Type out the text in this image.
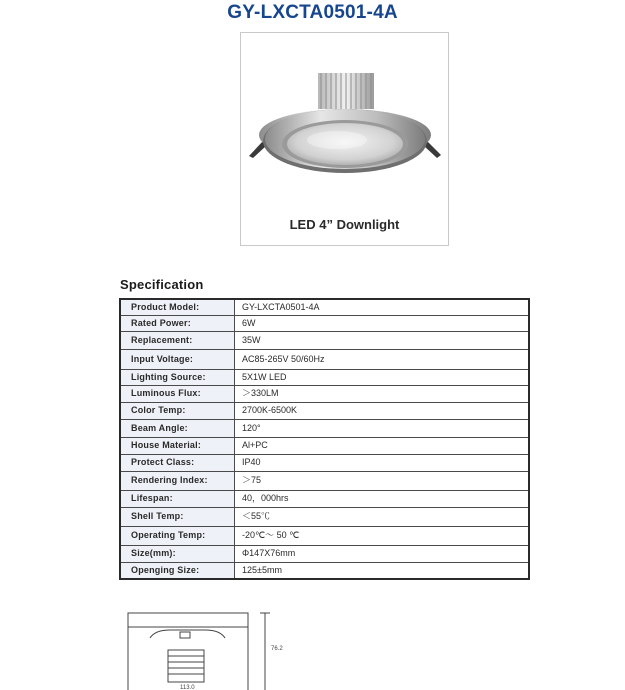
GY-LXCTA0501-4A
LED 4” Downlight
Specification
Product Model:	GY-LXCTA0501-4A
Rated Power:	6W
Replacement:	35W
Input Voltage:	AC85-265V 50/60Hz
Lighting Source:	5X1W LED
Luminous Flux:	＞330LM
Color Temp:	2700K-6500K
Beam Angle:	120°
House Material:	Al+PC
Protect Class:	IP40
Rendering Index:	＞75
Lifespan:	40，000hrs
Shell Temp:	＜55℃
Operating Temp:	-20℃～ 50 ℃
Size(mm):	Φ147X76mm
Openging Size:	125±5mm
76.2
113.0
